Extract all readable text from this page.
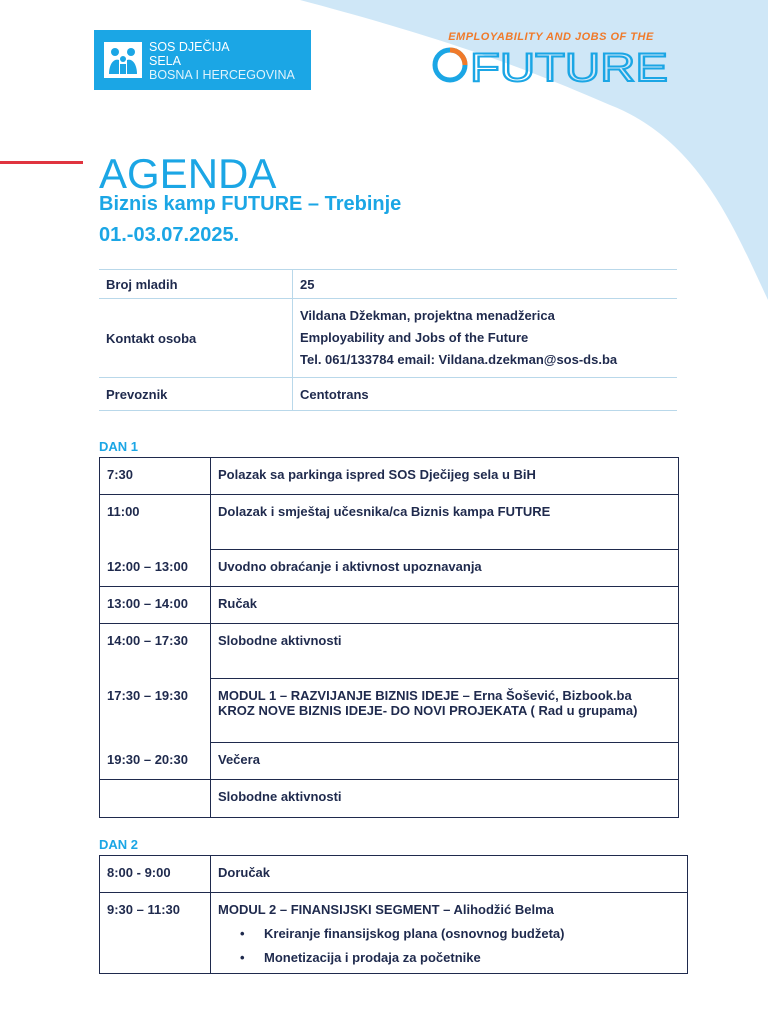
SOS DJEČIJA
SELA
BOSNA I HERCEGOVINA
EMPLOYABILITY AND JOBS OF THE
FUTURE
AGENDA
Biznis kamp FUTURE – Trebinje
01.-03.07.2025.
Broj mladih	25
Kontakt osoba	Vildana Džekman, projektna menadžerica
Employability and Jobs of the Future
Tel. 061/133784 email: Vildana.dzekman@sos-ds.ba

Prevoznik	Centotrans
DAN 1
7:30	Polazak sa parkinga ispred SOS Dječijeg sela u BiH
11:00	Dolazak i smještaj učesnika/ca Biznis kampa FUTURE
12:00 – 13:00	Uvodno obraćanje i aktivnost upoznavanja
13:00 – 14:00	Ručak
14:00 – 17:30	Slobodne aktivnosti
17:30 – 19:30	MODUL 1 – RAZVIJANJE BIZNIS IDEJE – Erna Šošević, Bizbook.ba
KROZ NOVE BIZNIS IDEJE- DO NOVI PROJEKATA ( Rad u grupama)

19:30 – 20:30	Večera
	Slobodne aktivnosti
DAN 2
8:00 - 9:00	Doručak
9:30 – 11:30	MODUL 2 – FINANSIJSKI SEGMENT – Alihodžić Belma
• Kreiranje finansijskog plana (osnovnog budžeta)
• Monetizacija i prodaja za početnike
